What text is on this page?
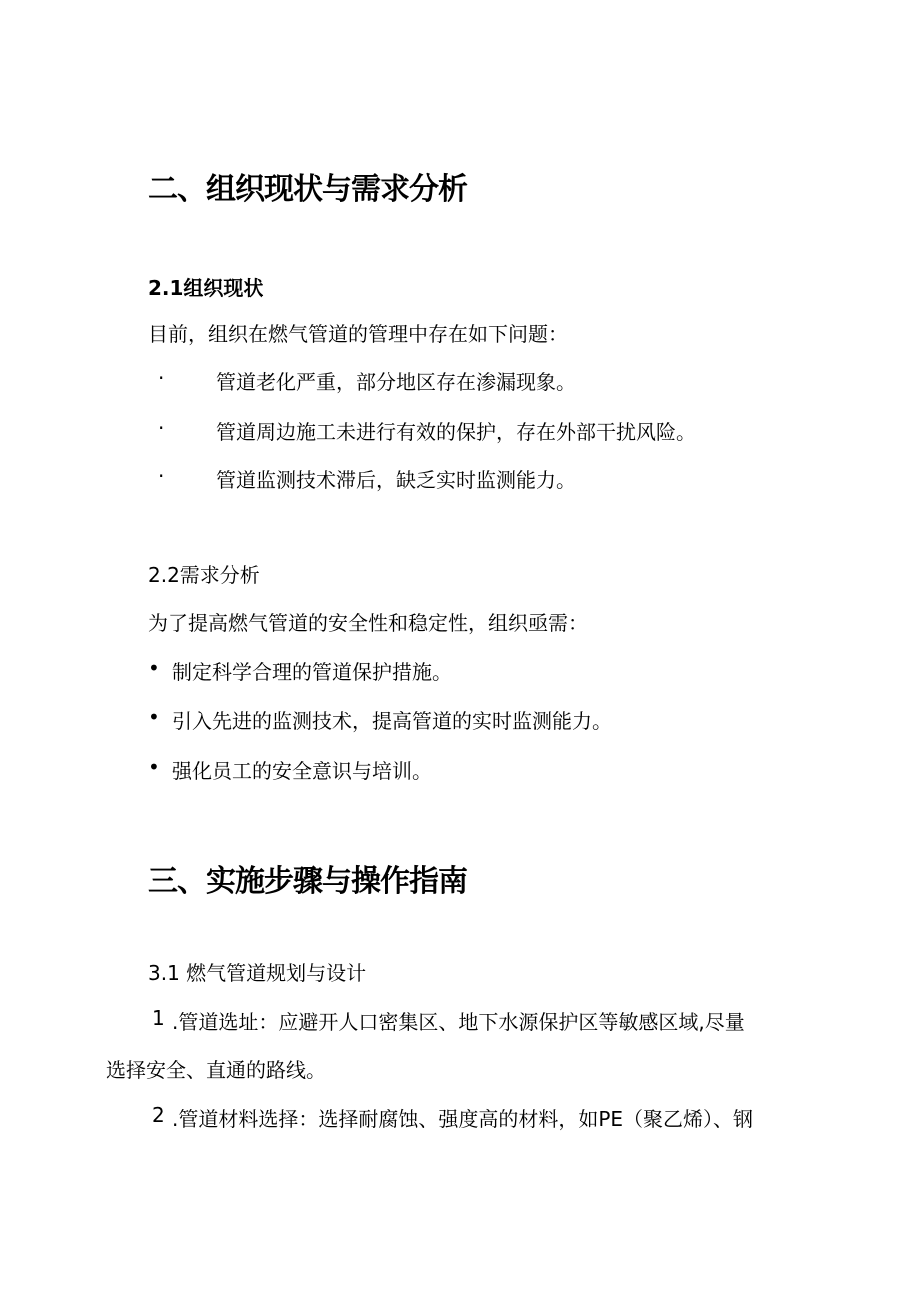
二、组织现状与需求分析
2.1组织现状
目前，组织在燃气管道的管理中存在如下问题：
·	管道老化严重，部分地区存在渗漏现象。
·	管道周边施工未进行有效的保护，存在外部干扰风险。
·	管道监测技术滞后，缺乏实时监测能力。
2.2需求分析
为了提高燃气管道的安全性和稳定性，组织亟需：
• 制定科学合理的管道保护措施。
• 引入先进的监测技术，提高管道的实时监测能力。
• 强化员工的安全意识与培训。
三、实施步骤与操作指南
3.1 燃气管道规划与设计
1 .管道选址：应避开人口密集区、地下水源保护区等敏感区域,尽量
选择安全、直通的路线。
2 .管道材料选择：选择耐腐蚀、强度高的材料，如PE（聚乙烯）、钢
